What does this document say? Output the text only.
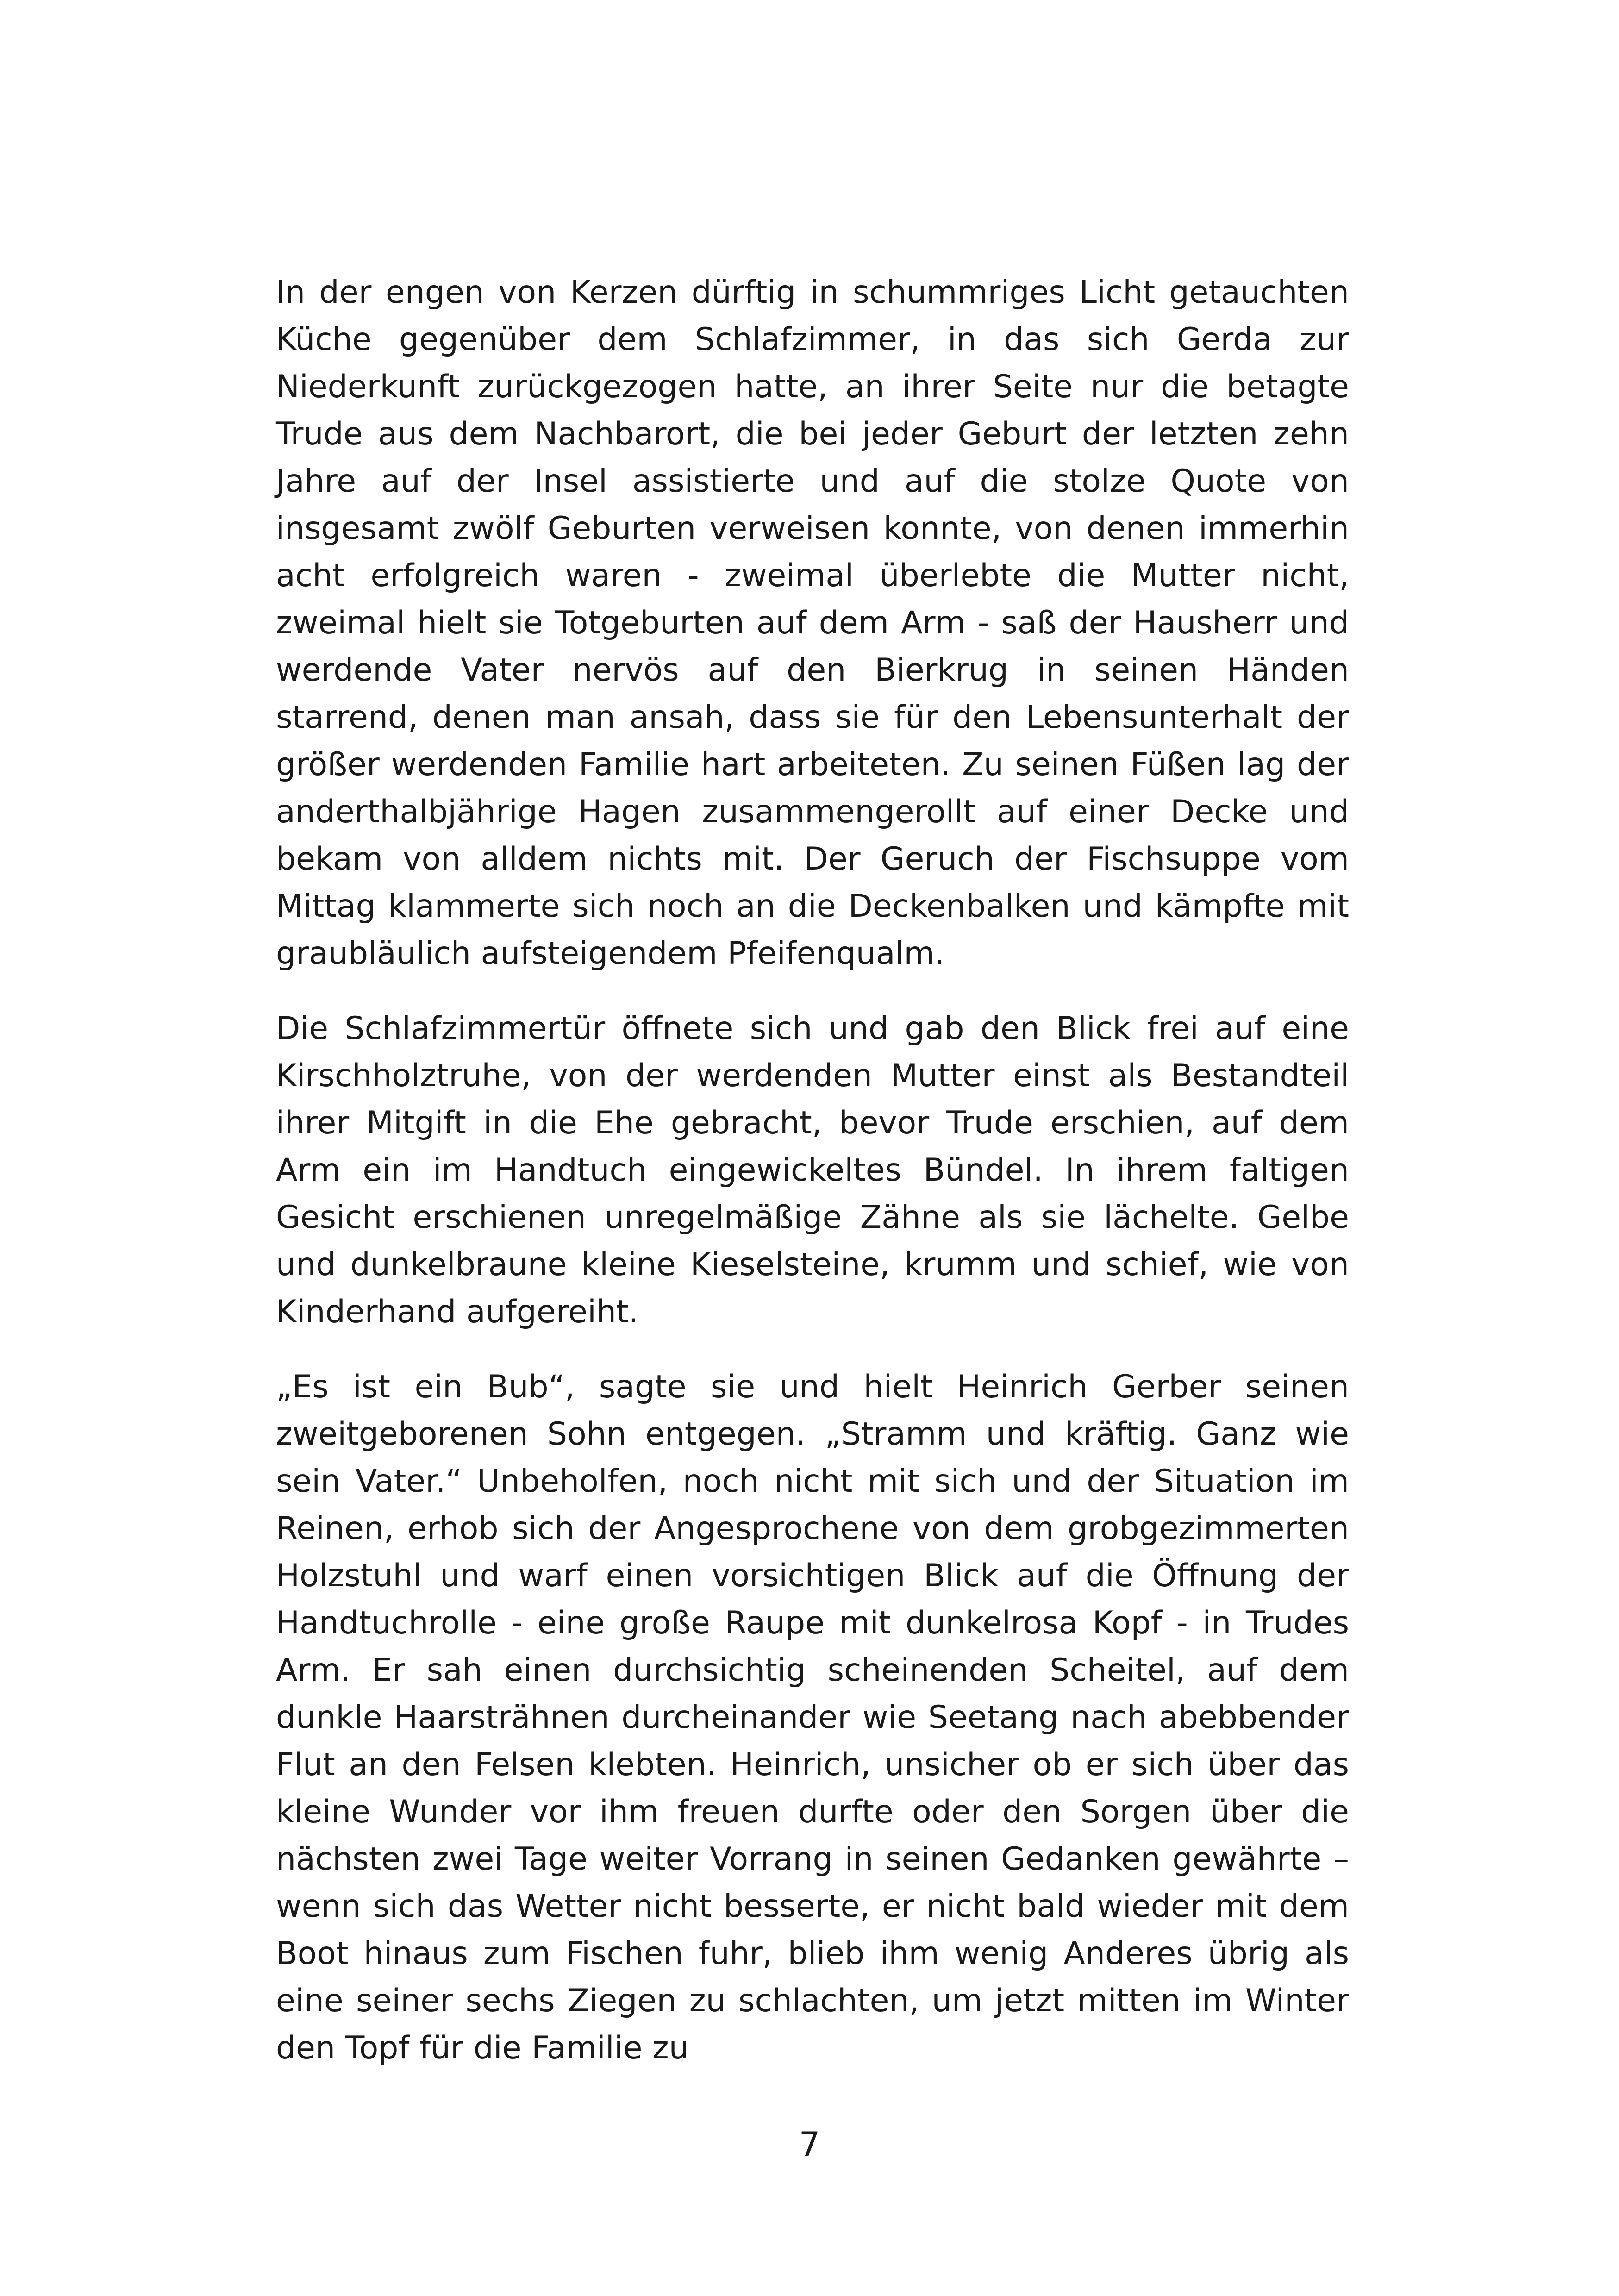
In der engen von Kerzen dürftig in schummriges Licht getauchten Küche gegenüber dem Schlafzimmer, in das sich Gerda zur Niederkunft zurückgezogen hatte, an ihrer Seite nur die betagte Trude aus dem Nachbarort, die bei jeder Geburt der letzten zehn Jahre auf der Insel assistierte und auf die stolze Quote von insgesamt zwölf Geburten verweisen konnte, von denen immerhin acht erfolgreich waren - zweimal überlebte die Mutter nicht, zweimal hielt sie Totgeburten auf dem Arm - saß der Hausherr und werdende Vater nervös auf den Bierkrug in seinen Händen starrend, denen man ansah, dass sie für den Lebensunterhalt der größer werdenden Familie hart arbeiteten. Zu seinen Füßen lag der anderthalbjährige Hagen zusammengerollt auf einer Decke und bekam von alldem nichts mit. Der Geruch der Fischsuppe vom Mittag klammerte sich noch an die Deckenbalken und kämpfte mit graubläulich aufsteigendem Pfeifenqualm.

Die Schlafzimmertür öffnete sich und gab den Blick frei auf eine Kirschholztruhe, von der werdenden Mutter einst als Bestandteil ihrer Mitgift in die Ehe gebracht, bevor Trude erschien, auf dem Arm ein im Handtuch eingewickeltes Bündel. In ihrem faltigen Gesicht erschienen unregelmäßige Zähne als sie lächelte. Gelbe und dunkelbraune kleine Kieselsteine, krumm und schief, wie von Kinderhand aufgereiht.

„Es ist ein Bub“, sagte sie und hielt Heinrich Gerber seinen zweitgeborenen Sohn entgegen. „Stramm und kräftig. Ganz wie sein Vater.“ Unbeholfen, noch nicht mit sich und der Situation im Reinen, erhob sich der Angesprochene von dem grobgezimmerten Holzstuhl und warf einen vorsichtigen Blick auf die Öffnung der Handtuchrolle - eine große Raupe mit dunkelrosa Kopf - in Trudes Arm. Er sah einen durchsichtig scheinenden Scheitel, auf dem dunkle Haarsträhnen durcheinander wie Seetang nach abebbender Flut an den Felsen klebten. Heinrich, unsicher ob er sich über das kleine Wunder vor ihm freuen durfte oder den Sorgen über die nächsten zwei Tage weiter Vorrang in seinen Gedanken gewährte – wenn sich das Wetter nicht besserte, er nicht bald wieder mit dem Boot hinaus zum Fischen fuhr, blieb ihm wenig Anderes übrig als eine seiner sechs Ziegen zu schlachten, um jetzt mitten im Winter den Topf für die Familie zu

7
